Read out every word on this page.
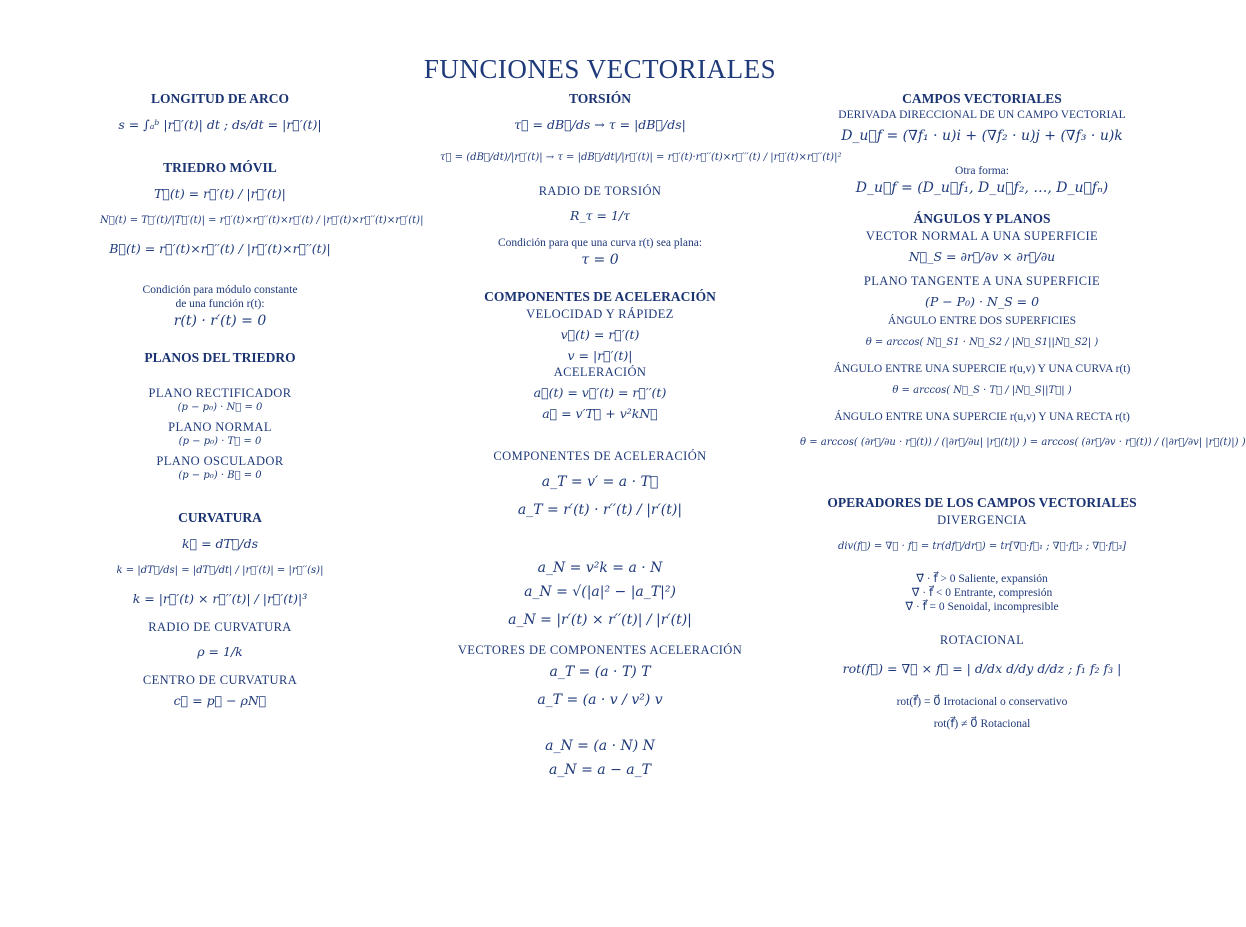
FUNCIONES VECTORIALES
LONGITUD DE ARCO
s = ∫ₐᵇ |r⃗′(t)| dt ; ds/dt = |r⃗′(t)|
TRIEDRO MÓVIL
T⃗(t) = r⃗′(t) / |r⃗′(t)|
N⃗(t) = T⃗′(t)/|T⃗′(t)| = r⃗′(t)×r⃗′′(t)×r⃗′(t) / |r⃗′(t)×r⃗′′(t)×r⃗′(t)|
B⃗(t) = r⃗′(t)×r⃗′′(t) / |r⃗′(t)×r⃗′′(t)|
Condición para módulo constante
de una función r(t):
r(t) · r′(t) = 0
PLANOS DEL TRIEDRO
PLANO RECTIFICADOR
(p − p₀) · N⃗ = 0
PLANO NORMAL
(p − p₀) · T⃗ = 0
PLANO OSCULADOR
(p − p₀) · B⃗ = 0
CURVATURA
k⃗ = dT⃗/ds
k = |dT⃗/ds| = |dT⃗/dt| / |r⃗′(t)| = |r⃗′′(s)|
k = |r⃗′(t) × r⃗′′(t)| / |r⃗′(t)|³
RADIO DE CURVATURA
ρ = 1/k
CENTRO DE CURVATURA
c⃗ = p⃗ − ρN⃗
TORSIÓN
τ⃗ = dB⃗/ds → τ = |dB⃗/ds|
τ⃗ = (dB⃗/dt)/|r⃗′(t)| → τ = |dB⃗/dt|/|r⃗′(t)| = r⃗′(t)·r⃗′′(t)×r⃗′′′(t) / |r⃗′(t)×r⃗′′(t)|²
RADIO DE TORSIÓN
R_τ = 1/τ
Condición para que una curva r(t) sea plana:
τ = 0
COMPONENTES DE ACELERACIÓN
VELOCIDAD Y RÁPIDEZ
v⃗(t) = r⃗′(t)
v = |r⃗′(t)|
ACELERACIÓN
a⃗(t) = v⃗′(t) = r⃗′′(t)
a⃗ = v′T⃗ + v²kN⃗
COMPONENTES DE ACELERACIÓN
a_T = v′ = a · T⃗
a_T = r′(t) · r′′(t) / |r′(t)|
a_N = v²k = a · N
a_N = √(|a|² − |a_T|²)
a_N = |r′(t) × r′′(t)| / |r′(t)|
VECTORES DE COMPONENTES ACELERACIÓN
a_T = (a · T) T
a_T = (a · v / v²) v
a_N = (a · N) N
a_N = a − a_T
CAMPOS VECTORIALES
DERIVADA DIRECCIONAL DE UN CAMPO VECTORIAL
D_u⃗f = (∇f₁ · u)i + (∇f₂ · u)j + (∇f₃ · u)k
Otra forma:
D_u⃗f = (D_u⃗f₁, D_u⃗f₂, …, D_u⃗fₙ)
ÁNGULOS Y PLANOS
VECTOR NORMAL A UNA SUPERFICIE
N⃗_S = ∂r⃗/∂v × ∂r⃗/∂u
PLANO TANGENTE A UNA SUPERFICIE
(P − P₀) · N_S = 0
ÁNGULO ENTRE DOS SUPERFICIES
θ = arccos( N⃗_S1 · N⃗_S2 / |N⃗_S1||N⃗_S2| )
ÁNGULO ENTRE UNA SUPERCIE r(u,v) Y UNA CURVA r(t)
θ = arccos( N⃗_S · T⃗ / |N⃗_S||T⃗| )
ÁNGULO ENTRE UNA SUPERCIE r(u,v) Y UNA RECTA r(t)
θ = arccos( (∂r⃗/∂u · r⃗(t)) / (|∂r⃗/∂u| |r⃗(t)|) ) = arccos( (∂r⃗/∂v · r⃗(t)) / (|∂r⃗/∂v| |r⃗(t)|) )
OPERADORES DE LOS CAMPOS VECTORIALES
DIVERGENCIA
div(f⃗) = ∇⃗ · f⃗ = tr(df⃗/dr⃗) = tr[∇⃗·f⃗₁ ; ∇⃗·f⃗₂ ; ∇⃗·f⃗₃]
∇⃗ · f⃗ > 0 Saliente, expansión
∇⃗ · f⃗ < 0 Entrante, compresión
∇⃗ · f⃗ = 0 Senoidal, incompresible
ROTACIONAL
rot(f⃗) = ∇⃗ × f⃗ = | d/dx d/dy d/dz ; f₁ f₂ f₃ |
rot(f⃗) = 0⃗ Irrotacional o conservativo
rot(f⃗) ≠ 0⃗ Rotacional
